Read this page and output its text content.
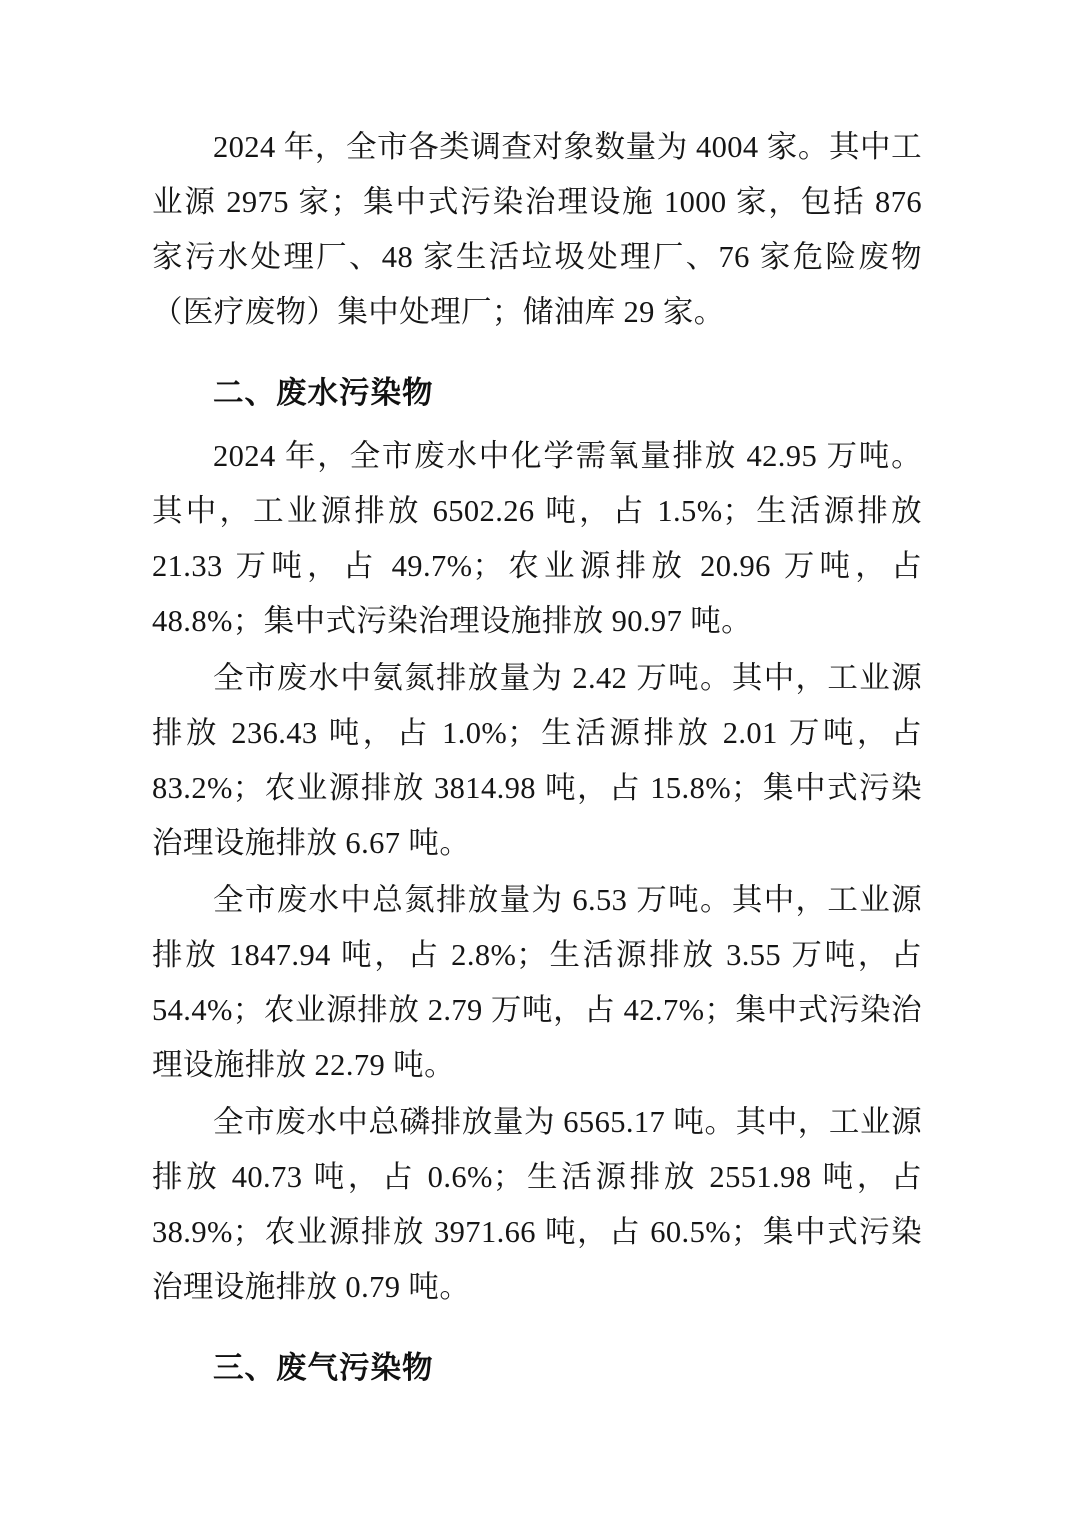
2024 年，全市各类调查对象数量为 4004 家。其中工业源 2975 家；集中式污染治理设施 1000 家，包括 876 家污水处理厂、48 家生活垃圾处理厂、76 家危险废物（医疗废物）集中处理厂；储油库 29 家。

二、废水污染物

2024 年，全市废水中化学需氧量排放 42.95 万吨。其中，工业源排放 6502.26 吨，占 1.5%；生活源排放 21.33 万吨，占 49.7%；农业源排放 20.96 万吨，占 48.8%；集中式污染治理设施排放 90.97 吨。

全市废水中氨氮排放量为 2.42 万吨。其中，工业源排放 236.43 吨，占 1.0%；生活源排放 2.01 万吨，占 83.2%；农业源排放 3814.98 吨，占 15.8%；集中式污染治理设施排放 6.67 吨。

全市废水中总氮排放量为 6.53 万吨。其中，工业源排放 1847.94 吨，占 2.8%；生活源排放 3.55 万吨，占 54.4%；农业源排放 2.79 万吨，占 42.7%；集中式污染治理设施排放 22.79 吨。

全市废水中总磷排放量为 6565.17 吨。其中，工业源排放 40.73 吨，占 0.6%；生活源排放 2551.98 吨，占 38.9%；农业源排放 3971.66 吨，占 60.5%；集中式污染治理设施排放 0.79 吨。

三、废气污染物
